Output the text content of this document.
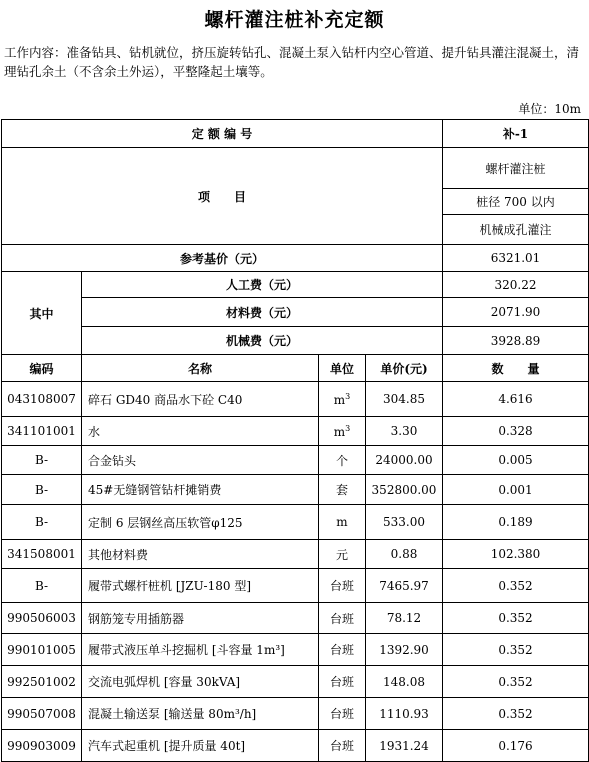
螺杆灌注桩补充定额
工作内容：准备钻具、钻机就位，挤压旋转钻孔、混凝土泵入钻杆内空心管道、提升钻具灌注混凝土，清理钻孔余土（不含余土外运），平整隆起土壤等。
单位：10m
定 额 编 号				补-1
项　　目				螺杆灌注桩
				桩径 700 以内
				机械成孔灌注
参考基价（元）				6321.01
其中	人工费（元）			320.22
	材料费（元）			2071.90
	机械费（元）			3928.89
编码	名称	单位	单价(元)	数　　量
043108007	碎石 GD40 商品水下砼 C40	$m^3$	304.85	4.616
341101001	水	$m^3$	3.30	0.328
B-	合金钻头	个	24000.00	0.005
B-	45#无缝钢管钻杆摊销费	套	352800.00	0.001
B-	定制 6 层钢丝高压软管φ125	m	533.00	0.189
341508001	其他材料费	元	0.88	102.380
B-	履带式螺杆桩机 [JZU-180 型]	台班	7465.97	0.352
990506003	钢筋笼专用插筋器	台班	78.12	0.352
990101005	履带式液压单斗挖掘机 [斗容量 1m³]	台班	1392.90	0.352
992501002	交流电弧焊机 [容量 30kVA]	台班	148.08	0.352
990507008	混凝土输送泵 [输送量 80m³/h]	台班	1110.93	0.352
990903009	汽车式起重机 [提升质量 40t]	台班	1931.24	0.176
